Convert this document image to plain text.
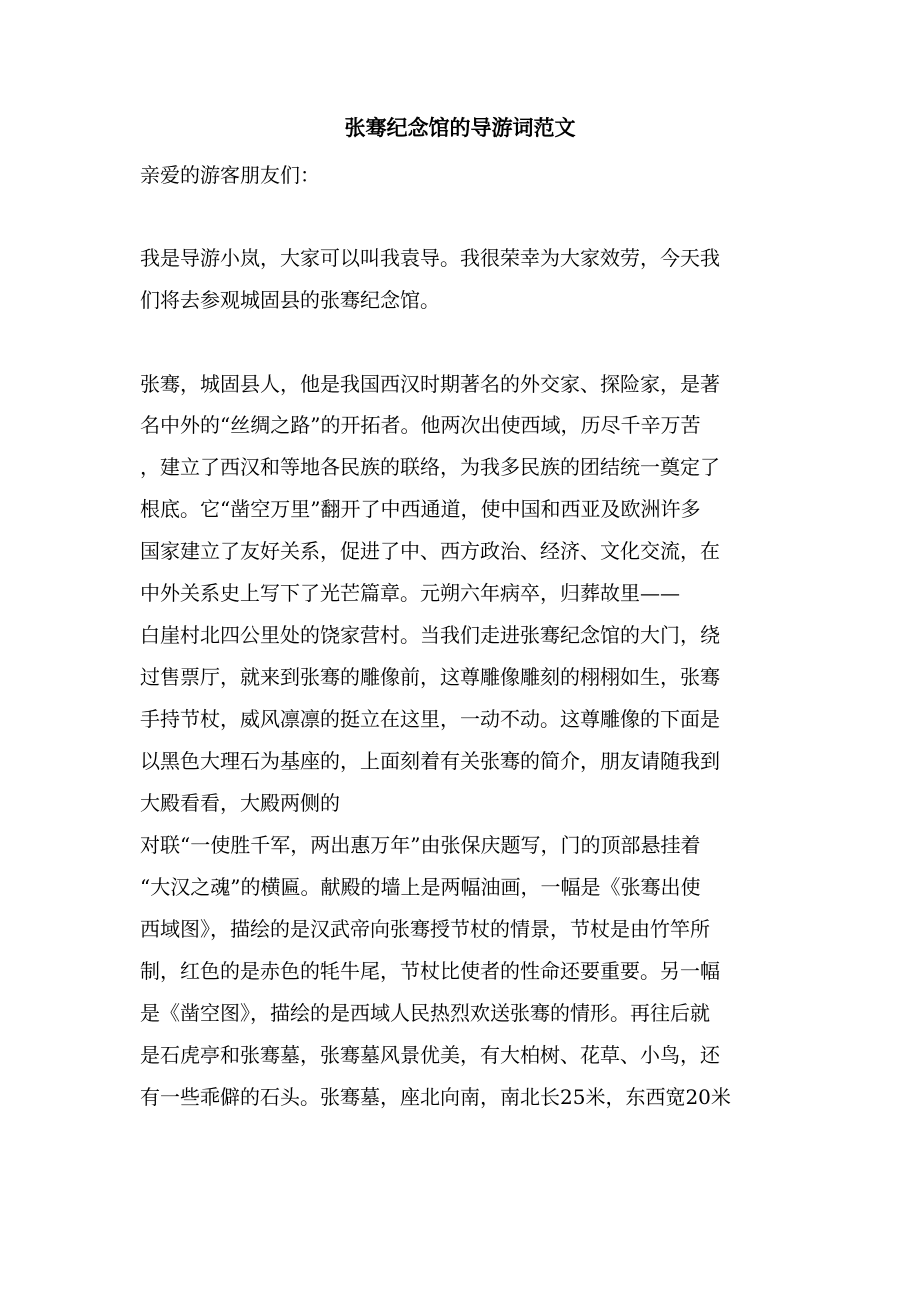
张骞纪念馆的导游词范文
亲爱的游客朋友们：
我是导游小岚，大家可以叫我袁导。我很荣幸为大家效劳，今天我
们将去参观城固县的张骞纪念馆。
张骞，城固县人，他是我国西汉时期著名的外交家、探险家，是著
名中外的“丝绸之路”的开拓者。他两次出使西域，历尽千辛万苦
，建立了西汉和等地各民族的联络，为我多民族的团结统一奠定了
根底。它“凿空万里”翻开了中西通道，使中国和西亚及欧洲许多
国家建立了友好关系，促进了中、西方政治、经济、文化交流，在
中外关系史上写下了光芒篇章。元朔六年病卒，归葬故里——
白崖村北四公里处的饶家营村。当我们走进张骞纪念馆的大门，绕
过售票厅，就来到张骞的雕像前，这尊雕像雕刻的栩栩如生，张骞
手持节杖，威风凛凛的挺立在这里，一动不动。这尊雕像的下面是
以黑色大理石为基座的，上面刻着有关张骞的简介，朋友请随我到
大殿看看，大殿两侧的
对联“一使胜千军，两出惠万年”由张保庆题写，门的顶部悬挂着
“大汉之魂”的横匾。献殿的墙上是两幅油画，一幅是《张骞出使
西域图》，描绘的是汉武帝向张骞授节杖的情景，节杖是由竹竿所
制，红色的是赤色的牦牛尾，节杖比使者的性命还要重要。另一幅
是《凿空图》，描绘的是西域人民热烈欢送张骞的情形。再往后就
是石虎亭和张骞墓，张骞墓风景优美，有大柏树、花草、小鸟，还
有一些乖僻的石头。张骞墓，座北向南，南北长25米，东西宽20米
